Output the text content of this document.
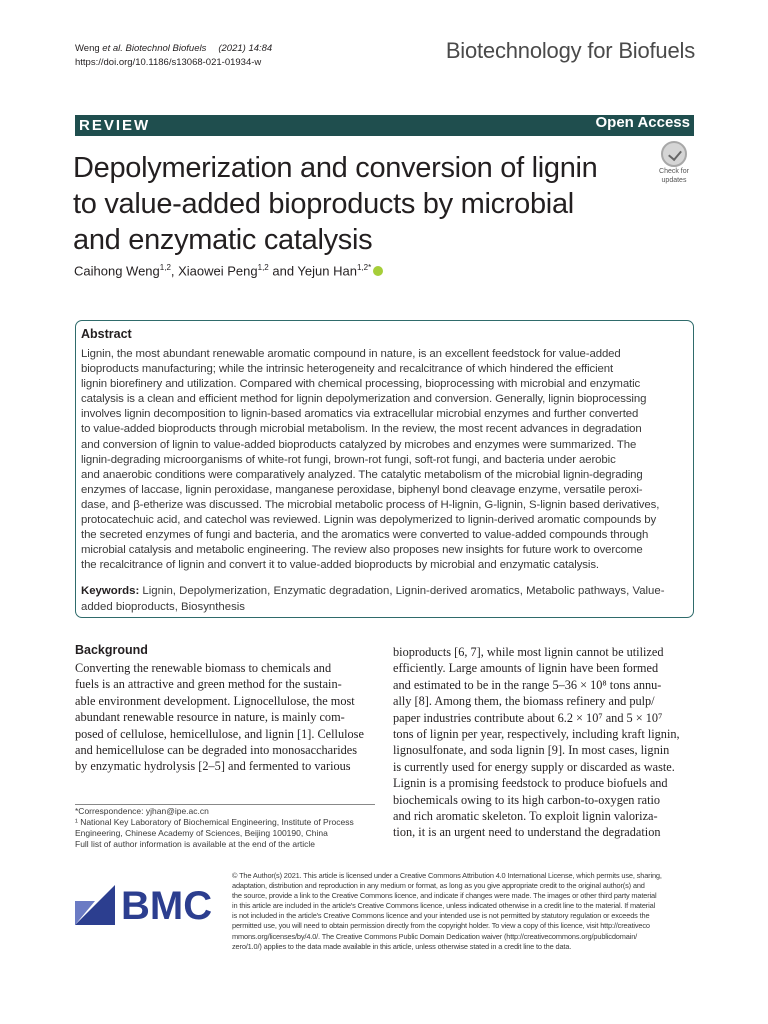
Weng et al. Biotechnol Biofuels (2021) 14:84
https://doi.org/10.1186/s13068-021-01934-w	Biotechnology for Biofuels
REVIEW	Open Access
Depolymerization and conversion of lignin
to value-added bioproducts by microbial
and enzymatic catalysis
Check for
updates
Caihong Weng$^{1,2}$, Xiaowei Peng$^{1,2}$ and Yejun Han$^{1,2*}$
Abstract
Lignin, the most abundant renewable aromatic compound in nature, is an excellent feedstock for value-added
bioproducts manufacturing; while the intrinsic heterogeneity and recalcitrance of which hindered the efficient
lignin biorefinery and utilization. Compared with chemical processing, bioprocessing with microbial and enzymatic
catalysis is a clean and efficient method for lignin depolymerization and conversion. Generally, lignin bioprocessing
involves lignin decomposition to lignin-based aromatics via extracellular microbial enzymes and further converted
to value-added bioproducts through microbial metabolism. In the review, the most recent advances in degradation
and conversion of lignin to value-added bioproducts catalyzed by microbes and enzymes were summarized. The
lignin-degrading microorganisms of white-rot fungi, brown-rot fungi, soft-rot fungi, and bacteria under aerobic
and anaerobic conditions were comparatively analyzed. The catalytic metabolism of the microbial lignin-degrading
enzymes of laccase, lignin peroxidase, manganese peroxidase, biphenyl bond cleavage enzyme, versatile peroxi-
dase, and β-etherize was discussed. The microbial metabolic process of H-lignin, G-lignin, S-lignin based derivatives,
protocatechuic acid, and catechol was reviewed. Lignin was depolymerized to lignin-derived aromatic compounds by
the secreted enzymes of fungi and bacteria, and the aromatics were converted to value-added compounds through
microbial catalysis and metabolic engineering. The review also proposes new insights for future work to overcome
the recalcitrance of lignin and convert it to value-added bioproducts by microbial and enzymatic catalysis.
Keywords: Lignin, Depolymerization, Enzymatic degradation, Lignin-derived aromatics, Metabolic pathways, Value-
added bioproducts, Biosynthesis
Background
Converting the renewable biomass to chemicals and
fuels is an attractive and green method for the sustain-
able environment development. Lignocellulose, the most
abundant renewable resource in nature, is mainly com-
posed of cellulose, hemicellulose, and lignin [1]. Cellulose
and hemicellulose can be degraded into monosaccharides
by enzymatic hydrolysis [2–5] and fermented to various
bioproducts [6, 7], while most lignin cannot be utilized
efficiently. Large amounts of lignin have been formed
and estimated to be in the range 5–36 × 10⁸ tons annu-
ally [8]. Among them, the biomass refinery and pulp/
paper industries contribute about 6.2 × 10⁷ and 5 × 10⁷
tons of lignin per year, respectively, including kraft lignin,
lignosulfonate, and soda lignin [9]. In most cases, lignin
is currently used for energy supply or discarded as waste.
Lignin is a promising feedstock to produce biofuels and
biochemicals owing to its high carbon-to-oxygen ratio
and rich aromatic skeleton. To exploit lignin valoriza-
tion, it is an urgent need to understand the degradation
*Correspondence: yjhan@ipe.ac.cn
¹ National Key Laboratory of Biochemical Engineering, Institute of Process
Engineering, Chinese Academy of Sciences, Beijing 100190, China
Full list of author information is available at the end of the article
BMC
© The Author(s) 2021. This article is licensed under a Creative Commons Attribution 4.0 International License, which permits use, sharing,
adaptation, distribution and reproduction in any medium or format, as long as you give appropriate credit to the original author(s) and
the source, provide a link to the Creative Commons licence, and indicate if changes were made. The images or other third party material
in this article are included in the article's Creative Commons licence, unless indicated otherwise in a credit line to the material. If material
is not included in the article's Creative Commons licence and your intended use is not permitted by statutory regulation or exceeds the
permitted use, you will need to obtain permission directly from the copyright holder. To view a copy of this licence, visit http://creativeco
mmons.org/licenses/by/4.0/. The Creative Commons Public Domain Dedication waiver (http://creativecommons.org/publicdomain/
zero/1.0/) applies to the data made available in this article, unless otherwise stated in a credit line to the data.
